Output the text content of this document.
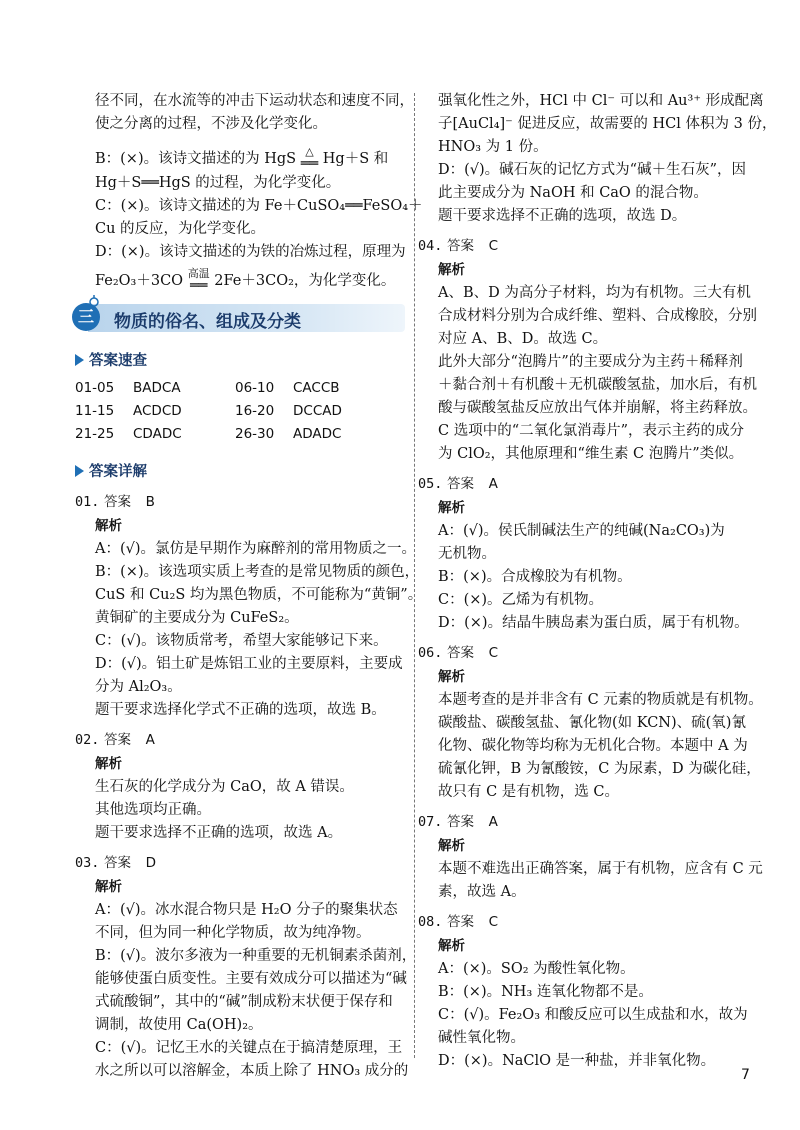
径不同，在水流等的冲击下运动状态和速度不同，
使之分离的过程，不涉及化学变化。
B：(×)。该诗文描述的为 HgS △
══ Hg＋S 和
Hg＋S══HgS 的过程，为化学变化。
C：(×)。该诗文描述的为 Fe＋CuSO₄══FeSO₄＋
Cu 的反应，为化学变化。
D：(×)。该诗文描述的为铁的冶炼过程，原理为
Fe₂O₃＋3CO 高温
══ 2Fe＋3CO₂，为化学变化。
三	物质的俗名、组成及分类
答案速查
01-05 BADCA	06-10 CACCB
11-15 ACDCD	16-20 DCCAD
21-25 CDADC	26-30 ADADC
答案详解
01. 答案 B
解析
A：(√)。氯仿是早期作为麻醉剂的常用物质之一。
B：(×)。该选项实质上考查的是常见物质的颜色，
CuS 和 Cu₂S 均为黑色物质，不可能称为“黄铜”。
黄铜矿的主要成分为 CuFeS₂。
C：(√)。该物质常考，希望大家能够记下来。
D：(√)。铝土矿是炼铝工业的主要原料，主要成
分为 Al₂O₃。
题干要求选择化学式不正确的选项，故选 B。
02. 答案 A
解析
生石灰的化学成分为 CaO，故 A 错误。
其他选项均正确。
题干要求选择不正确的选项，故选 A。
03. 答案 D
解析
A：(√)。冰水混合物只是 H₂O 分子的聚集状态
不同，但为同一种化学物质，故为纯净物。
B：(√)。波尔多液为一种重要的无机铜素杀菌剂，
能够使蛋白质变性。主要有效成分可以描述为“碱
式硫酸铜”，其中的“碱”制成粉末状便于保存和
调制，故使用 Ca(OH)₂。
C：(√)。记忆王水的关键点在于搞清楚原理，王
水之所以可以溶解金，本质上除了 HNO₃ 成分的
强氧化性之外，HCl 中 Cl⁻ 可以和 Au³⁺ 形成配离
子[AuCl₄]⁻ 促进反应，故需要的 HCl 体积为 3 份，
HNO₃ 为 1 份。
D：(√)。碱石灰的记忆方式为“碱＋生石灰”，因
此主要成分为 NaOH 和 CaO 的混合物。
题干要求选择不正确的选项，故选 D。
04. 答案 C
解析
A、B、D 为高分子材料，均为有机物。三大有机
合成材料分别为合成纤维、塑料、合成橡胶，分别
对应 A、B、D。故选 C。
此外大部分“泡腾片”的主要成分为主药＋稀释剂
＋黏合剂＋有机酸＋无机碳酸氢盐，加水后，有机
酸与碳酸氢盐反应放出气体并崩解，将主药释放。
C 选项中的“二氧化氯消毒片”，表示主药的成分
为 ClO₂，其他原理和“维生素 C 泡腾片”类似。
05. 答案 A
解析
A：(√)。侯氏制碱法生产的纯碱(Na₂CO₃)为
无机物。
B：(×)。合成橡胶为有机物。
C：(×)。乙烯为有机物。
D：(×)。结晶牛胰岛素为蛋白质，属于有机物。
06. 答案 C
解析
本题考查的是并非含有 C 元素的物质就是有机物。
碳酸盐、碳酸氢盐、氰化物(如 KCN)、硫(氧)氰
化物、碳化物等均称为无机化合物。本题中 A 为
硫氰化钾，B 为氰酸铵，C 为尿素，D 为碳化硅，
故只有 C 是有机物，选 C。
07. 答案 A
解析
本题不难选出正确答案，属于有机物，应含有 C 元
素，故选 A。
08. 答案 C
解析
A：(×)。SO₂ 为酸性氧化物。
B：(×)。NH₃ 连氧化物都不是。
C：(√)。Fe₂O₃ 和酸反应可以生成盐和水，故为
碱性氧化物。
D：(×)。NaClO 是一种盐，并非氧化物。
7
